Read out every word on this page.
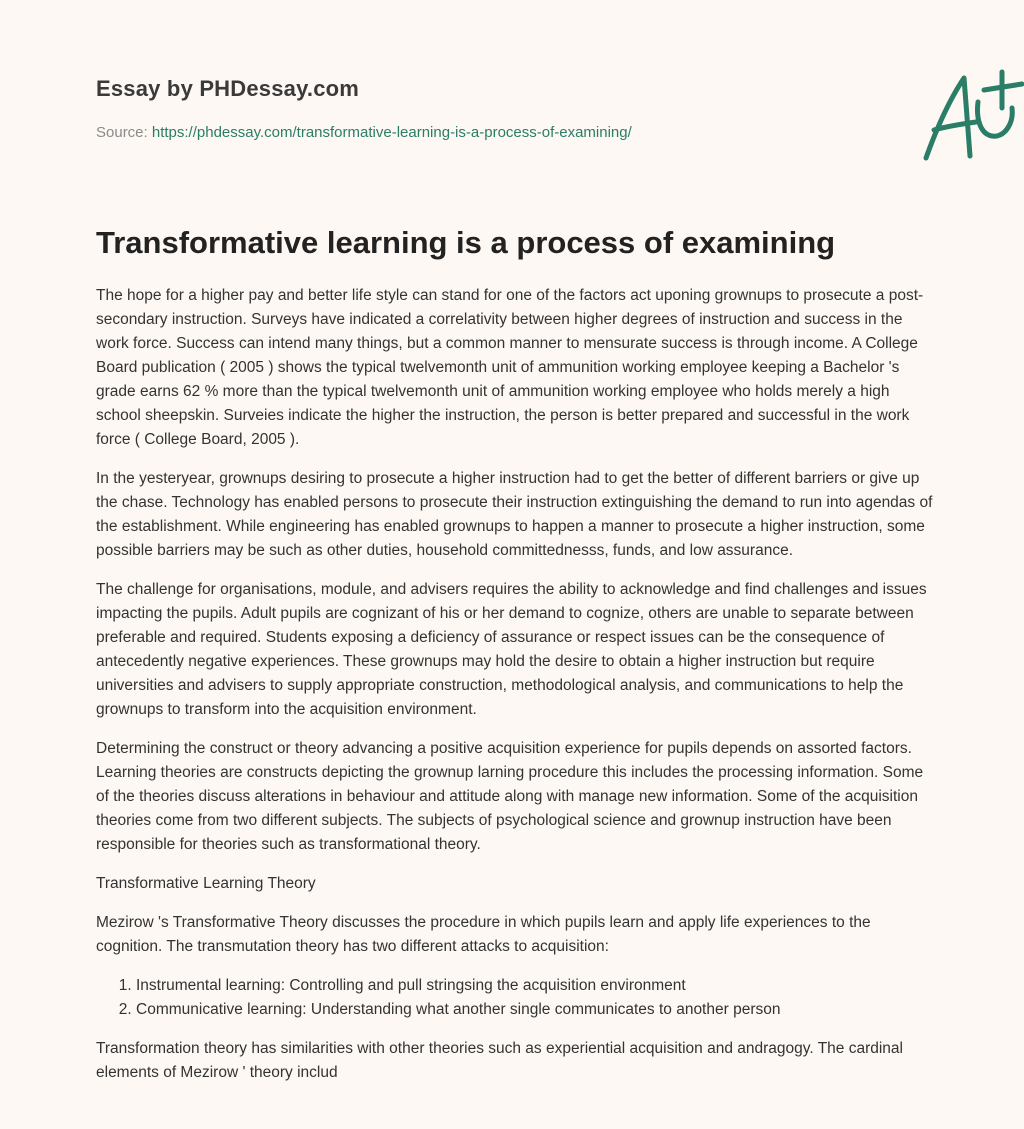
Essay by PHDessay.com
Source: https://phdessay.com/transformative-learning-is-a-process-of-examining/
Transformative learning is a process of examining

The hope for a higher pay and better life style can stand for one of the factors act uponing grownups to prosecute a post-secondary instruction. Surveys have indicated a correlativity between higher degrees of instruction and success in the work force. Success can intend many things, but a common manner to mensurate success is through income. A College Board publication ( 2005 ) shows the typical twelvemonth unit of ammunition working employee keeping a Bachelor 's grade earns 62 % more than the typical twelvemonth unit of ammunition working employee who holds merely a high school sheepskin. Surveies indicate the higher the instruction, the person is better prepared and successful in the work force ( College Board, 2005 ).

In the yesteryear, grownups desiring to prosecute a higher instruction had to get the better of different barriers or give up the chase. Technology has enabled persons to prosecute their instruction extinguishing the demand to run into agendas of the establishment. While engineering has enabled grownups to happen a manner to prosecute a higher instruction, some possible barriers may be such as other duties, household committednesss, funds, and low assurance.

The challenge for organisations, module, and advisers requires the ability to acknowledge and find challenges and issues impacting the pupils. Adult pupils are cognizant of his or her demand to cognize, others are unable to separate between preferable and required. Students exposing a deficiency of assurance or respect issues can be the consequence of antecedently negative experiences. These grownups may hold the desire to obtain a higher instruction but require universities and advisers to supply appropriate construction, methodological analysis, and communications to help the grownups to transform into the acquisition environment.

Determining the construct or theory advancing a positive acquisition experience for pupils depends on assorted factors. Learning theories are constructs depicting the grownup larning procedure this includes the processing information. Some of the theories discuss alterations in behaviour and attitude along with manage new information. Some of the acquisition theories come from two different subjects. The subjects of psychological science and grownup instruction have been responsible for theories such as transformational theory.

Transformative Learning Theory

Mezirow 's Transformative Theory discusses the procedure in which pupils learn and apply life experiences to the cognition. The transmutation theory has two different attacks to acquisition:

1. Instrumental learning: Controlling and pull stringsing the acquisition environment
2. Communicative learning: Understanding what another single communicates to another person

Transformation theory has similarities with other theories such as experiential acquisition and andragogy. The cardinal elements of Mezirow ' theory includ
